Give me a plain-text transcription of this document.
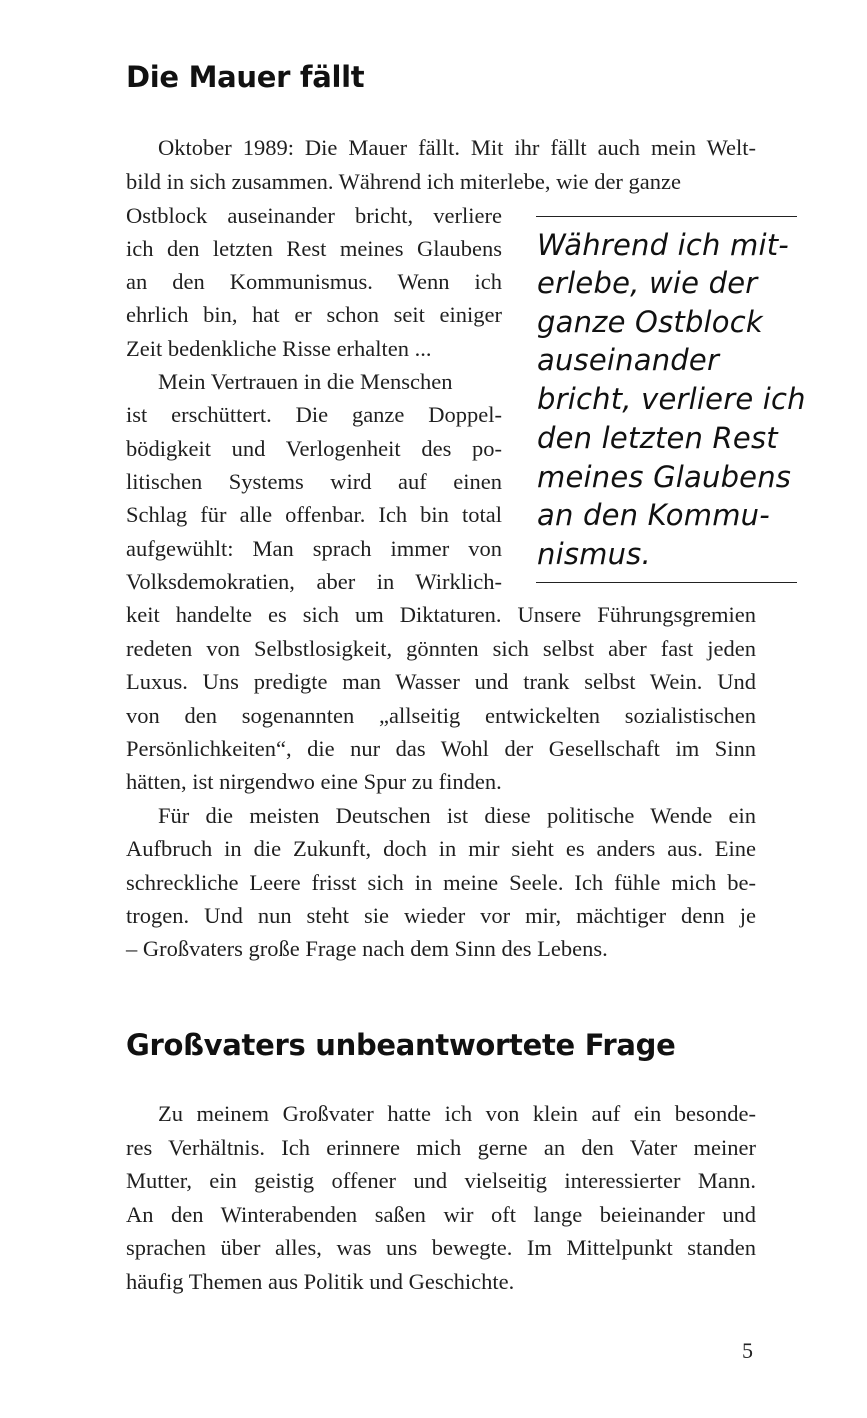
Die Mauer fällt
Oktober 1989: Die Mauer fällt. Mit ihr fällt auch mein Welt-
bild in sich zusammen. Während ich miterlebe, wie der ganze
Ostblock auseinander bricht, verliere
ich den letzten Rest meines Glaubens
an den Kommunismus. Wenn ich
ehrlich bin, hat er schon seit einiger
Zeit bedenkliche Risse erhalten ...
Mein Vertrauen in die Menschen
ist erschüttert. Die ganze Doppel-
bödigkeit und Verlogenheit des po-
litischen Systems wird auf einen
Schlag für alle offenbar. Ich bin total
aufgewühlt: Man sprach immer von
Volksdemokratien, aber in Wirklich-
keit handelte es sich um Diktaturen. Unsere Führungsgremien
redeten von Selbstlosigkeit, gönnten sich selbst aber fast jeden
Luxus. Uns predigte man Wasser und trank selbst Wein. Und
von den sogenannten „allseitig entwickelten sozialistischen
Persönlichkeiten“, die nur das Wohl der Gesellschaft im Sinn
hätten, ist nirgendwo eine Spur zu finden.
Für die meisten Deutschen ist diese politische Wende ein
Aufbruch in die Zukunft, doch in mir sieht es anders aus. Eine
schreckliche Leere frisst sich in meine Seele. Ich fühle mich be-
trogen. Und nun steht sie wieder vor mir, mächtiger denn je
– Großvaters große Frage nach dem Sinn des Lebens.
Während ich mit-
erlebe, wie der
ganze Ostblock
auseinander
bricht, verliere ich
den letzten Rest
meines Glaubens
an den Kommu-
nismus.
Großvaters unbeantwortete Frage
Zu meinem Großvater hatte ich von klein auf ein besonde-
res Verhältnis. Ich erinnere mich gerne an den Vater meiner
Mutter, ein geistig offener und vielseitig interessierter Mann.
An den Winterabenden saßen wir oft lange beieinander und
sprachen über alles, was uns bewegte. Im Mittelpunkt standen
häufig Themen aus Politik und Geschichte.
5
